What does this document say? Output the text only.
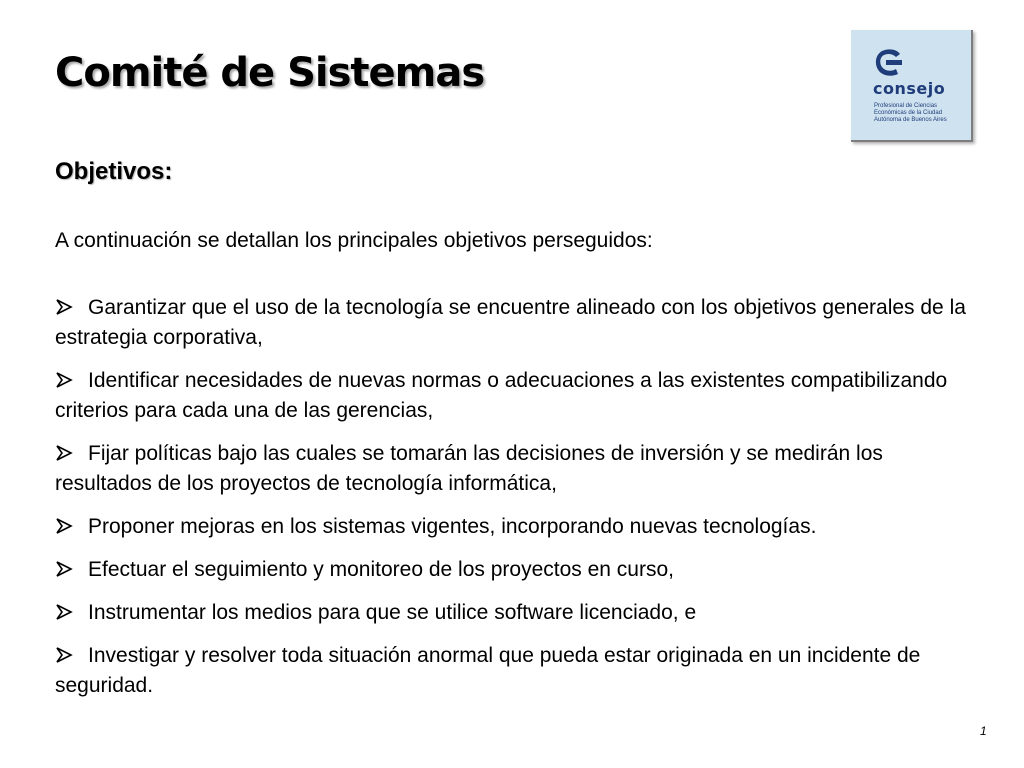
Comité de Sistemas	consejo
Profesional de Ciencias
Económicas de la Ciudad
Autónoma de Buenos Aires
Objetivos:
A continuación se detallan los principales objetivos perseguidos:
Garantizar que el uso de la tecnología se encuentre alineado con los objetivos generales de la estrategia corporativa,
Identificar necesidades de nuevas normas o adecuaciones a las existentes compatibilizando criterios para cada una de las gerencias,
Fijar políticas bajo las cuales se tomarán las decisiones de inversión y se medirán los resultados de los proyectos de tecnología informática,
Proponer mejoras en los sistemas vigentes, incorporando nuevas tecnologías.
Efectuar el seguimiento y monitoreo de los proyectos en curso,
Instrumentar los medios para que se utilice software licenciado, e
Investigar y resolver toda situación anormal que pueda estar originada en un incidente de seguridad.
1
